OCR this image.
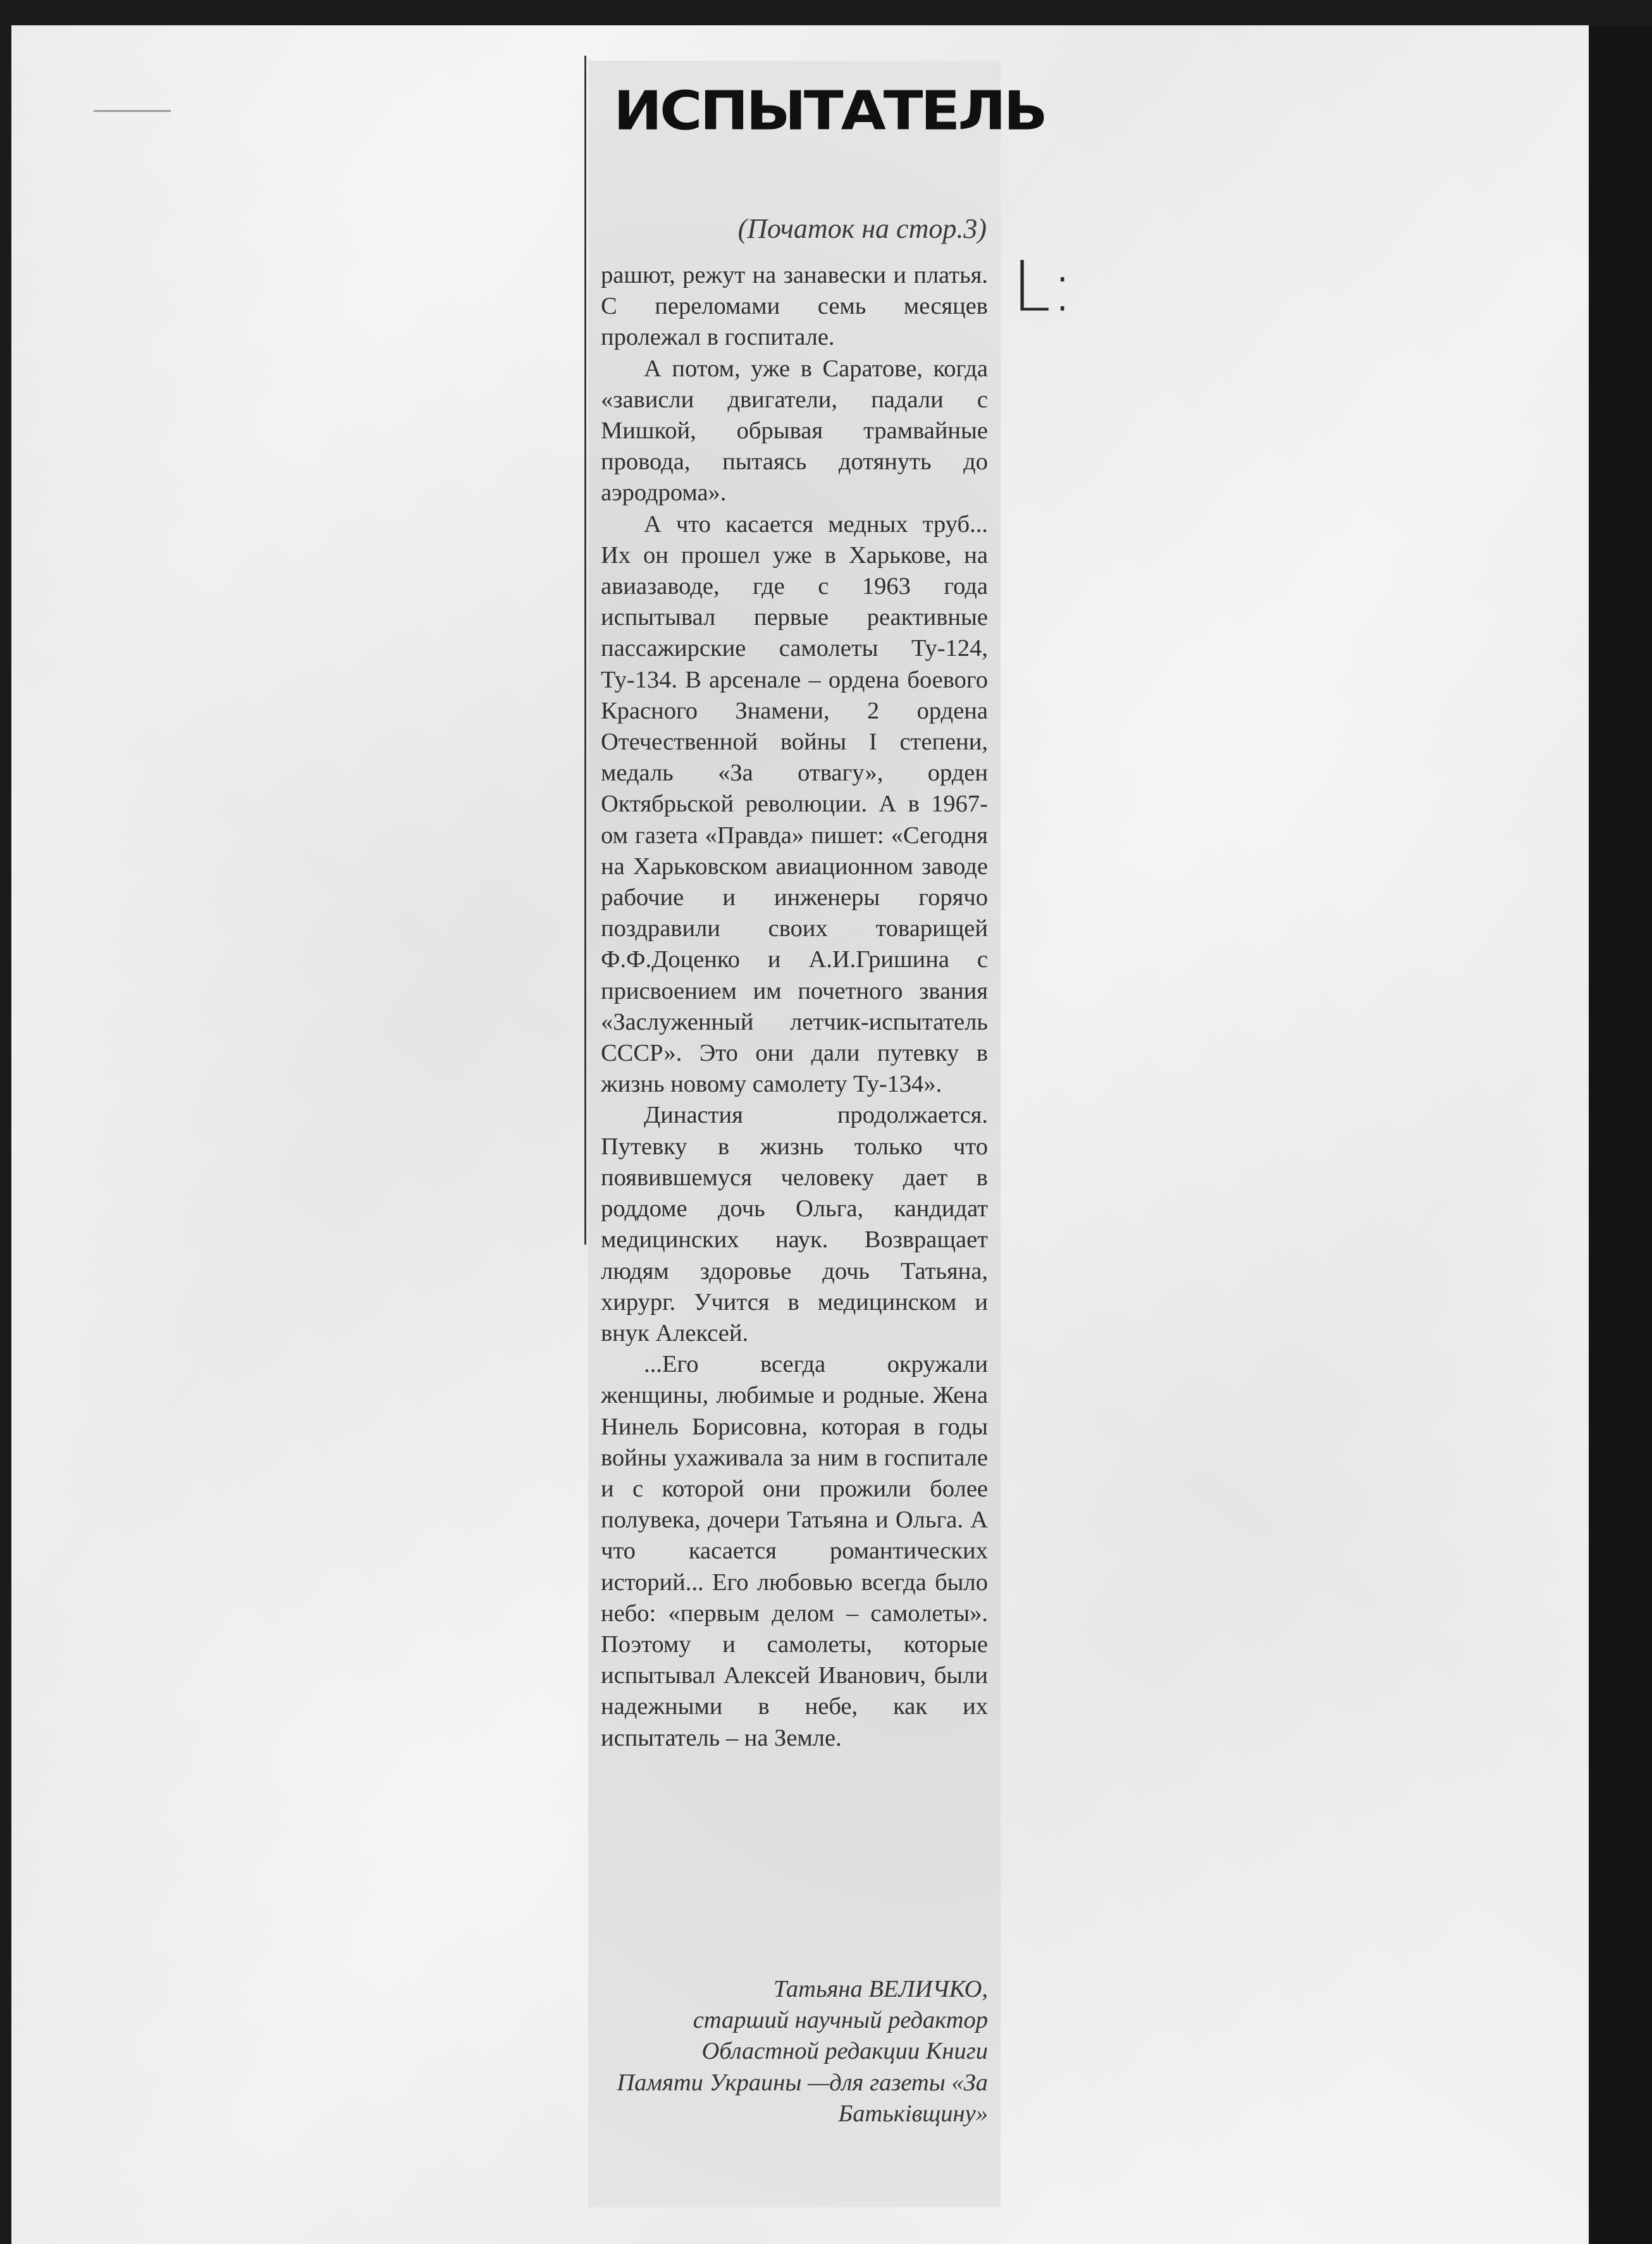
L:
ИСПЫТАТЕЛЬ
(Початок на стор.3)

рашют, режут на занавески и платья. С переломами семь месяцев пролежал в госпитале.

А потом, уже в Саратове, когда «зависли двигатели, падали с Мишкой, обрывая трамвайные провода, пытаясь дотянуть до аэродрома».

А что касается медных труб... Их он прошел уже в Харькове, на авиазаводе, где с 1963 года испытывал первые реактивные пассажирские самолеты Ту-124, Ту-134. В арсенале – ордена боевого Красного Знамени, 2 ордена Отечественной войны I степени, медаль «За отвагу», орден Октябрьской революции. А в 1967-ом газета «Правда» пишет: «Сегодня на Харьковском авиационном заводе рабочие и инженеры горячо поздравили своих товарищей Ф.Ф.Доценко и А.И.Гришина с присвоением им почетного звания «Заслуженный летчик-испытатель СССР». Это они дали путевку в жизнь новому самолету Ту-134».

Династия продолжается. Путевку в жизнь только что появившемуся человеку дает в роддоме дочь Ольга, кандидат медицинских наук. Возвращает людям здоровье дочь Татьяна, хирург. Учится в медицинском и внук Алексей.

...Его всегда окружали женщины, любимые и родные. Жена Нинель Борисовна, которая в годы войны ухаживала за ним в госпитале и с которой они прожили более полувека, дочери Татьяна и Ольга. А что касается романтических историй... Его любовью всегда было небо: «первым делом – самолеты». Поэтому и самолеты, которые испытывал Алексей Иванович, были надежными в небе, как их испытатель – на Земле.

Татьяна ВЕЛИЧКО,
старший научный редактор
Областной редакции Книги
Памяти Украины —для газеты «За Батьківщину»
